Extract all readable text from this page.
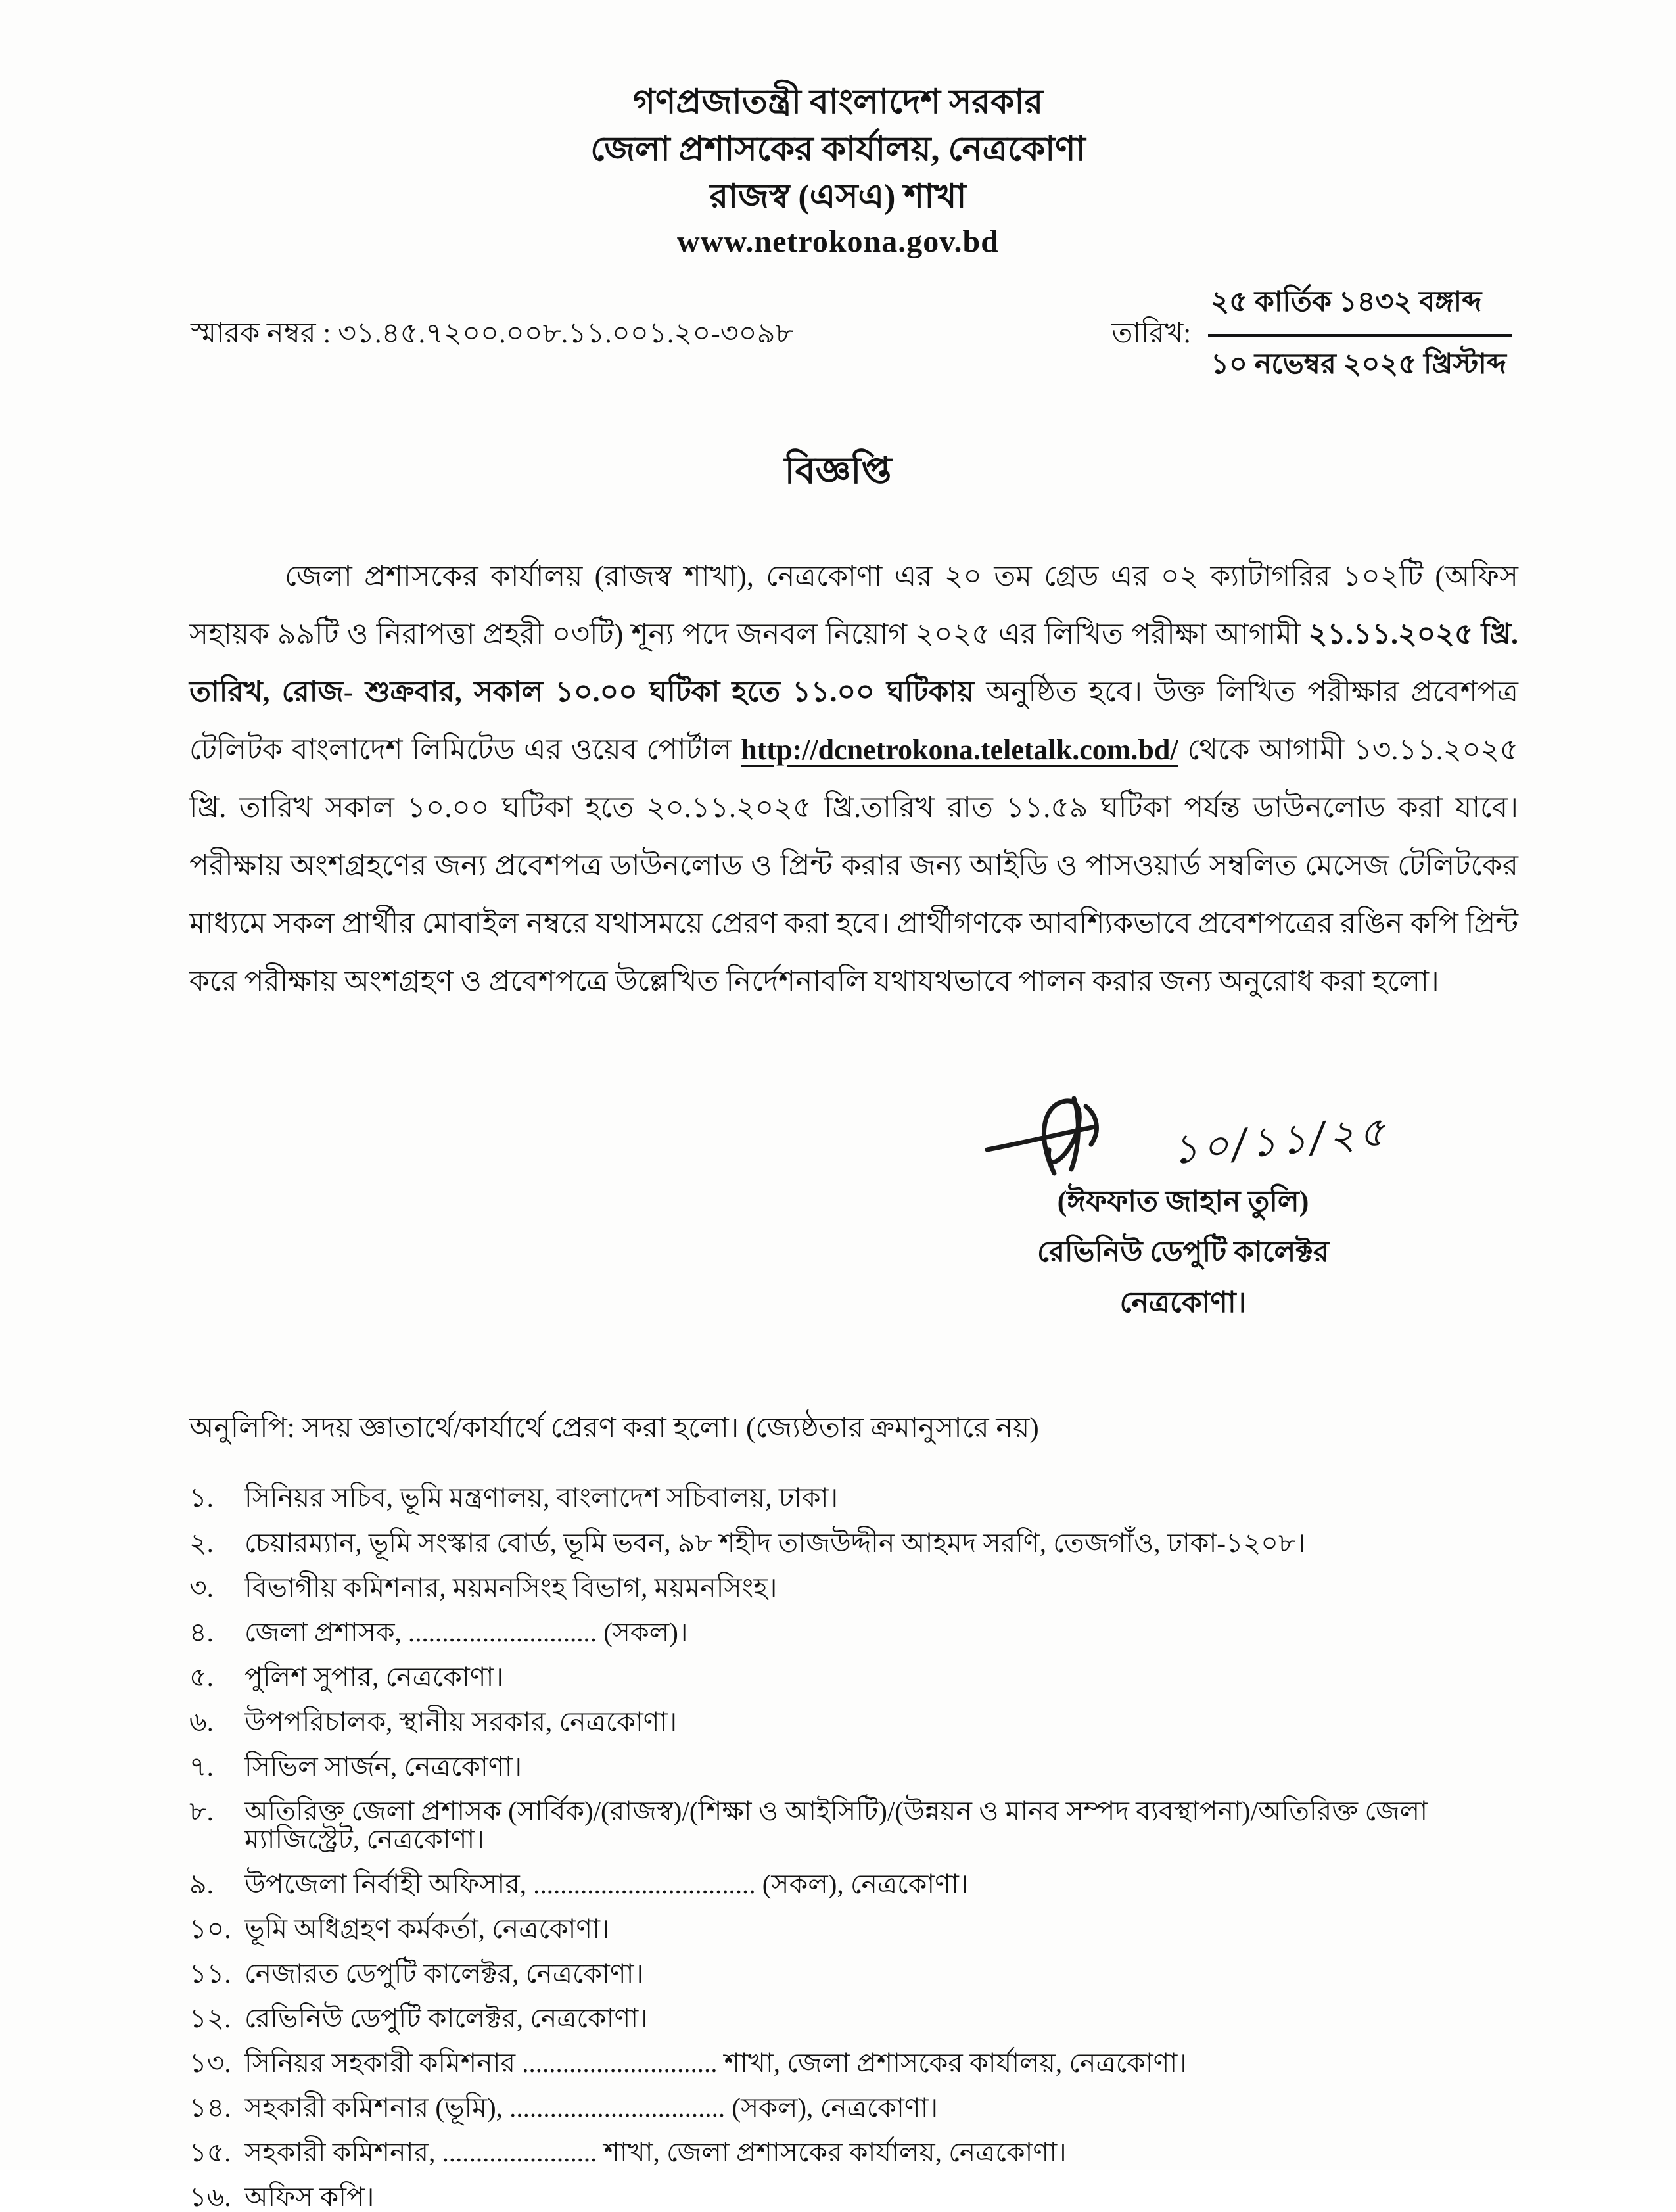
গণপ্রজাতন্ত্রী বাংলাদেশ সরকার
জেলা প্রশাসকের কার্যালয়, নেত্রকোণা
রাজস্ব (এসএ) শাখা
www.netrokona.gov.bd
স্মারক নম্বর : ৩১.৪৫.৭২০০.০০৮.১১.০০১.২০-৩০৯৮	তারিখ:
২৫ কার্তিক ১৪৩২ বঙ্গাব্দ
১০ নভেম্বর ২০২৫ খ্রিস্টাব্দ
বিজ্ঞপ্তি

জেলা প্রশাসকের কার্যালয় (রাজস্ব শাখা), নেত্রকোণা এর ২০ তম গ্রেড এর ০২ ক্যাটাগরির ১০২টি (অফিস সহায়ক ৯৯টি ও নিরাপত্তা প্রহরী ০৩টি) শূন্য পদে জনবল নিয়োগ ২০২৫ এর লিখিত পরীক্ষা আগামী ২১.১১.২০২৫ খ্রি. তারিখ, রোজ- শুক্রবার, সকাল ১০.০০ ঘটিকা হতে ১১.০০ ঘটিকায় অনুষ্ঠিত হবে। উক্ত লিখিত পরীক্ষার প্রবেশপত্র টেলিটক বাংলাদেশ লিমিটেড এর ওয়েব পোর্টাল http://dcnetrokona.teletalk.com.bd/ থেকে আগামী ১৩.১১.২০২৫ খ্রি. তারিখ সকাল ১০.০০ ঘটিকা হতে ২০.১১.২০২৫ খ্রি.তারিখ রাত ১১.৫৯ ঘটিকা পর্যন্ত ডাউনলোড করা যাবে। পরীক্ষায় অংশগ্রহণের জন্য প্রবেশপত্র ডাউনলোড ও প্রিন্ট করার জন্য আইডি ও পাসওয়ার্ড সম্বলিত মেসেজ টেলিটকের মাধ্যমে সকল প্রার্থীর মোবাইল নম্বরে যথাসময়ে প্রেরণ করা হবে। প্রার্থীগণকে আবশ্যিকভাবে প্রবেশপত্রের রঙিন কপি প্রিন্ট করে পরীক্ষায় অংশগ্রহণ ও প্রবেশপত্রে উল্লেখিত নির্দেশনাবলি যথাযথভাবে পালন করার জন্য অনুরোধ করা হলো।

১০/১১/২৫
(ঈফফাত জাহান তুলি)
রেভিনিউ ডেপুটি কালেক্টর
নেত্রকোণা।
অনুলিপি: সদয় জ্ঞাতার্থে/কার্যার্থে প্রেরণ করা হলো। (জ্যেষ্ঠতার ক্রমানুসারে নয়)
১.	সিনিয়র সচিব, ভূমি মন্ত্রণালয়, বাংলাদেশ সচিবালয়, ঢাকা।
২.	চেয়ারম্যান, ভূমি সংস্কার বোর্ড, ভূমি ভবন, ৯৮ শহীদ তাজউদ্দীন আহমদ সরণি, তেজগাঁও, ঢাকা-১২০৮।
৩.	বিভাগীয় কমিশনার, ময়মনসিংহ বিভাগ, ময়মনসিংহ।
৪.	জেলা প্রশাসক, ............................ (সকল)।
৫.	পুলিশ সুপার, নেত্রকোণা।
৬.	উপপরিচালক, স্থানীয় সরকার, নেত্রকোণা।
৭.	সিভিল সার্জন, নেত্রকোণা।
৮.	অতিরিক্ত জেলা প্রশাসক (সার্বিক)/(রাজস্ব)/(শিক্ষা ও আইসিটি)/(উন্নয়ন ও মানব সম্পদ ব্যবস্থাপনা)/অতিরিক্ত জেলা ম্যাজিস্ট্রেট, নেত্রকোণা।
৯.	উপজেলা নির্বাহী অফিসার, ................................. (সকল), নেত্রকোণা।
১০. ভূমি অধিগ্রহণ কর্মকর্তা, নেত্রকোণা।
১১. নেজারত ডেপুটি কালেক্টর, নেত্রকোণা।
১২. রেভিনিউ ডেপুটি কালেক্টর, নেত্রকোণা।
১৩. সিনিয়র সহকারী কমিশনার ............................. শাখা, জেলা প্রশাসকের কার্যালয়, নেত্রকোণা।
১৪. সহকারী কমিশনার (ভূমি), ................................ (সকল), নেত্রকোণা।
১৫. সহকারী কমিশনার, ....................... শাখা, জেলা প্রশাসকের কার্যালয়, নেত্রকোণা।
১৬. অফিস কপি।
